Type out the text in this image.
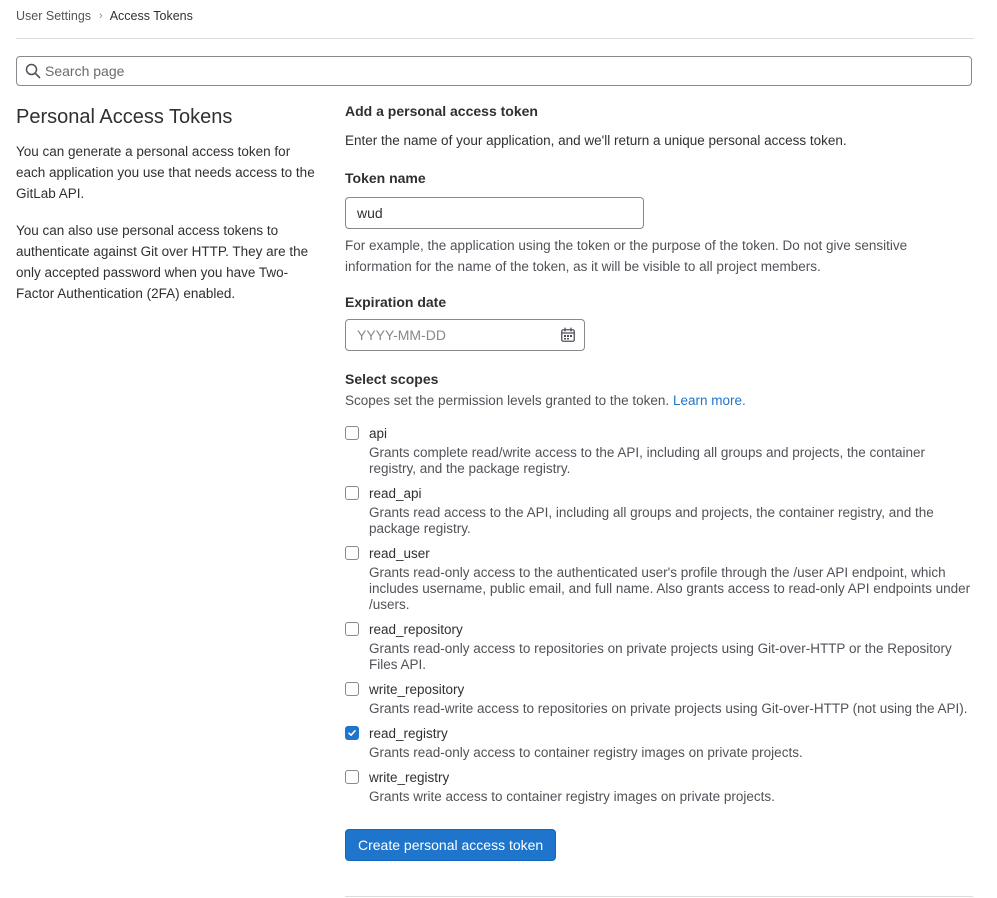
User Settings › Access Tokens
Search page
Personal Access Tokens

You can generate a personal access token for each application you use that needs access to the GitLab API.

You can also use personal access tokens to authenticate against Git over HTTP. They are the only accepted password when you have Two-Factor Authentication (2FA) enabled.

Add a personal access token
Enter the name of your application, and we'll return a unique personal access token.
Token name
wud
For example, the application using the token or the purpose of the token. Do not give sensitive information for the name of the token, as it will be visible to all project members.
Expiration date
YYYY-MM-DD
Select scopes
Scopes set the permission levels granted to the token. Learn more.
api
Grants complete read/write access to the API, including all groups and projects, the container registry, and the package registry.
read_api
Grants read access to the API, including all groups and projects, the container registry, and the package registry.
read_user
Grants read-only access to the authenticated user's profile through the /user API endpoint, which includes username, public email, and full name. Also grants access to read-only API endpoints under /users.
read_repository
Grants read-only access to repositories on private projects using Git-over-HTTP or the Repository Files API.
write_repository
Grants read-write access to repositories on private projects using Git-over-HTTP (not using the API).
read_registry
Grants read-only access to container registry images on private projects.
write_registry
Grants write access to container registry images on private projects.
Create personal access token
